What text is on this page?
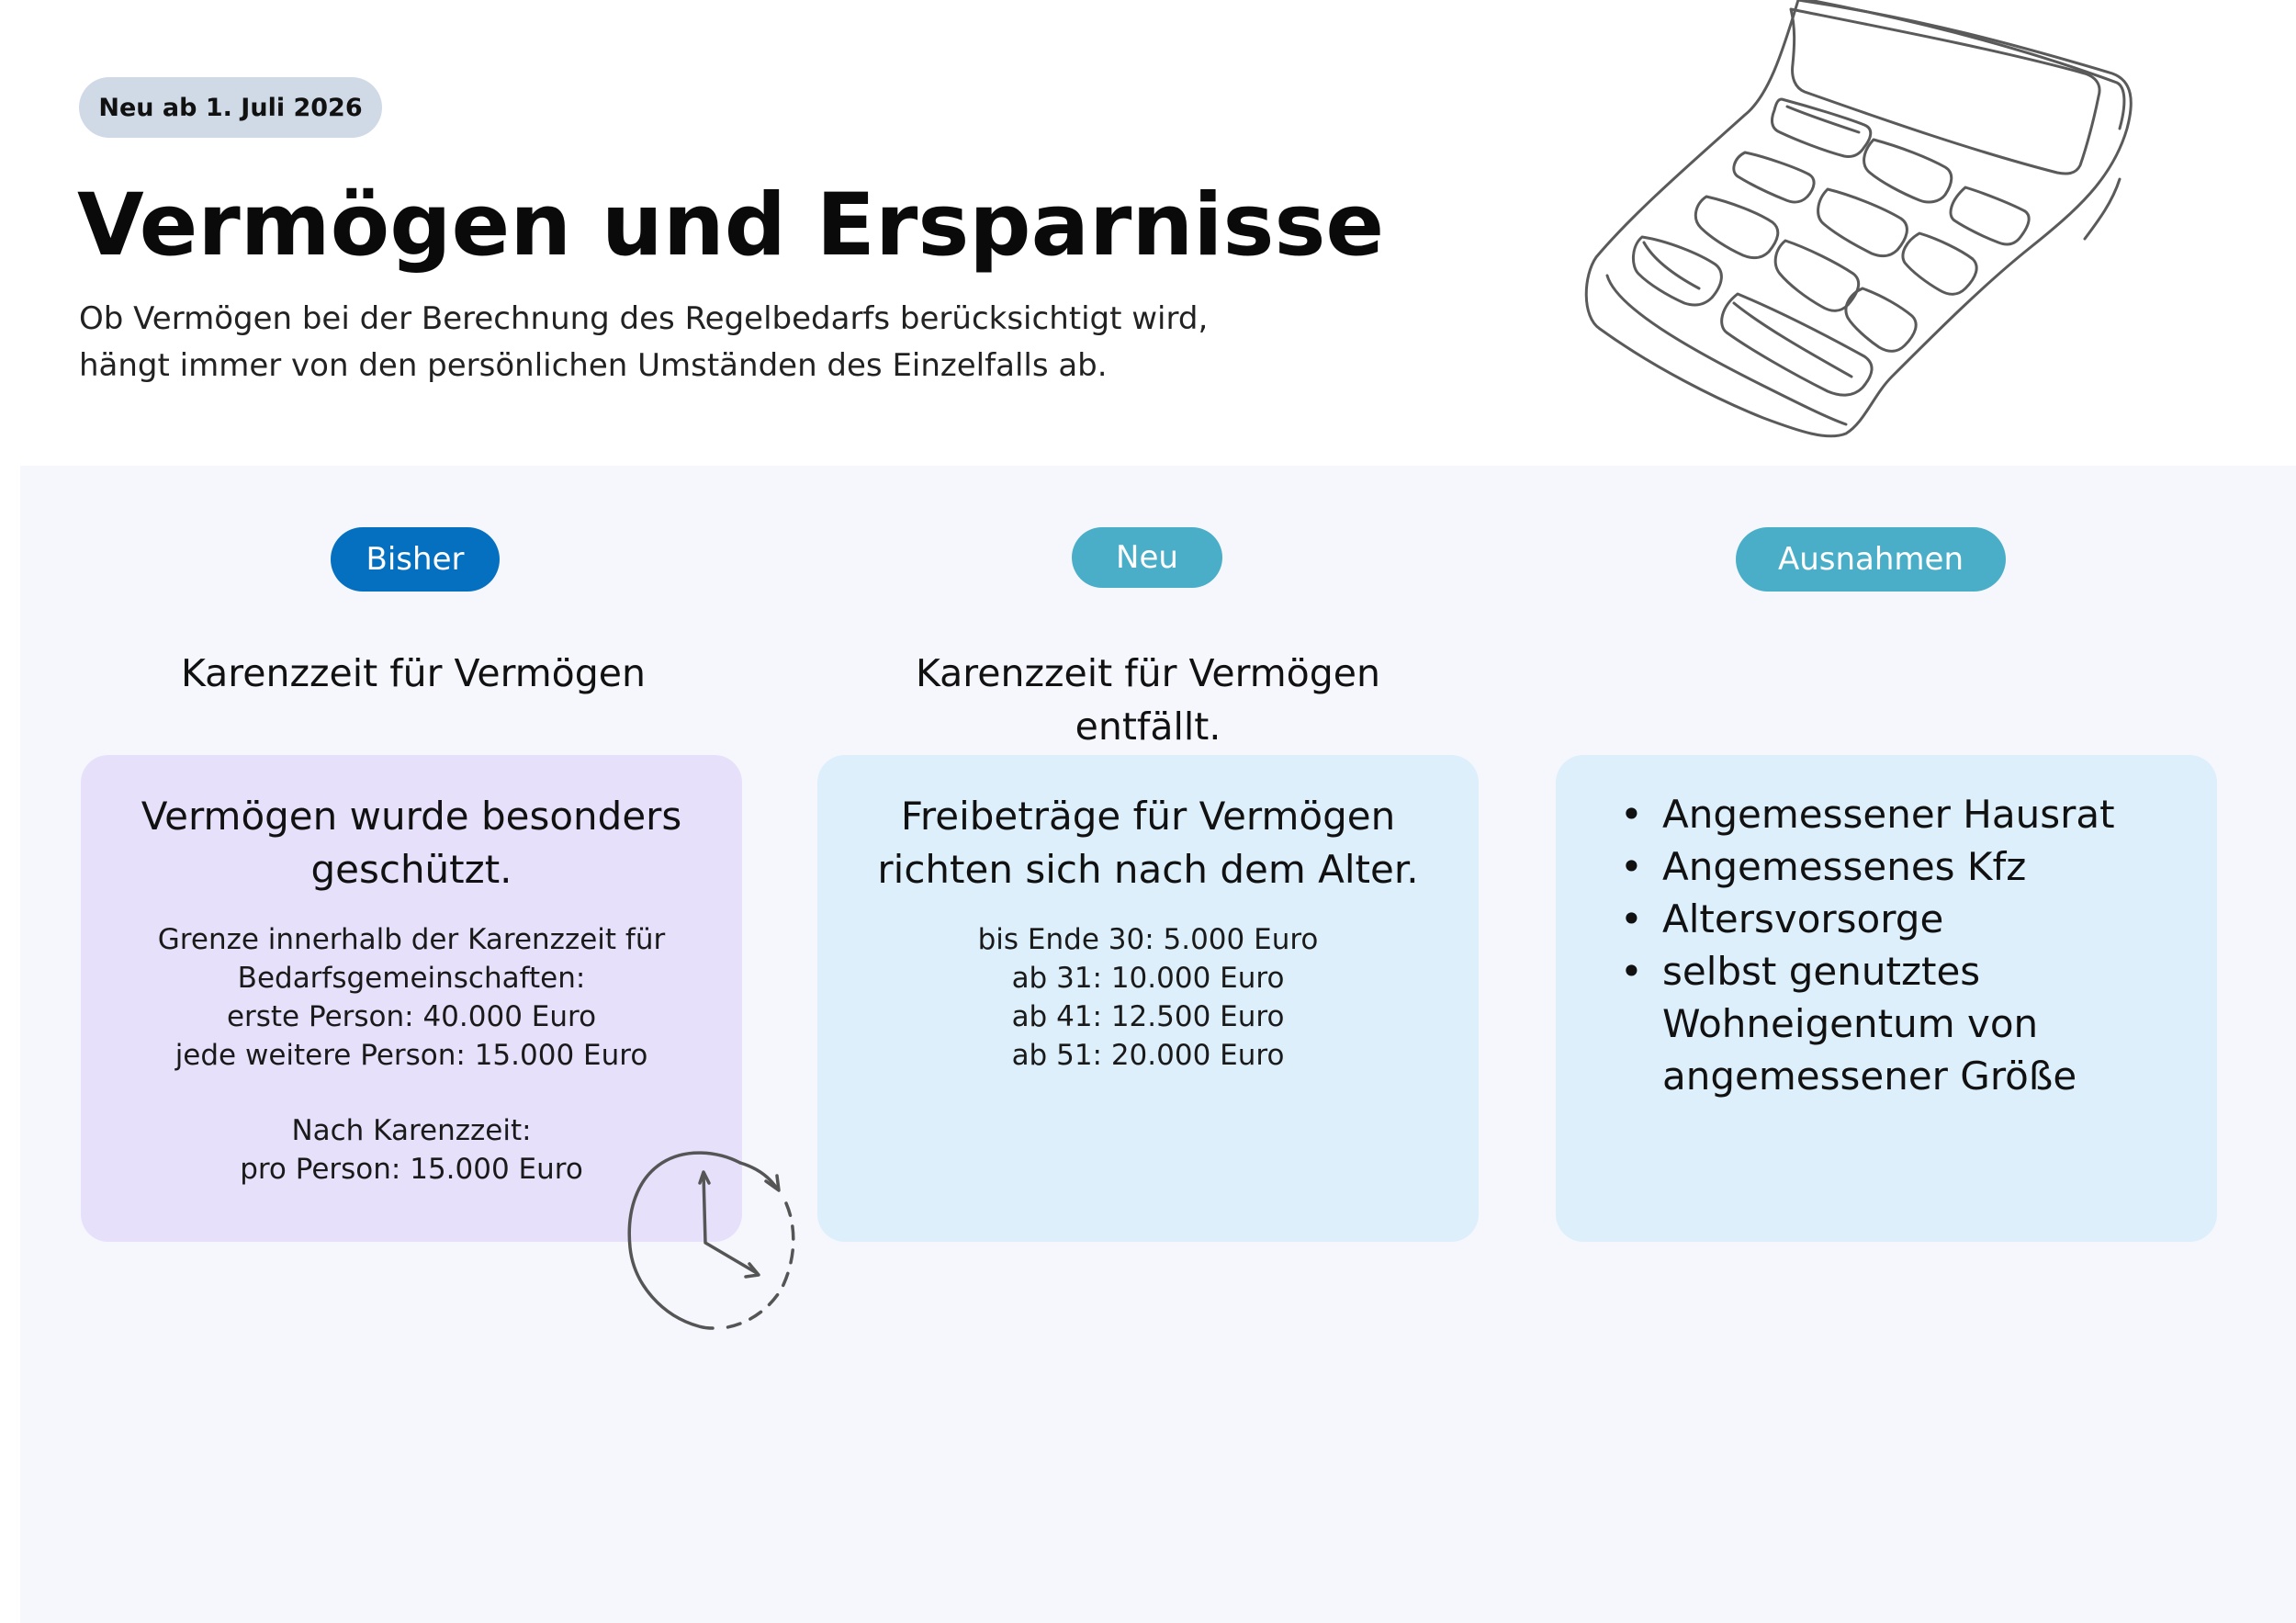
Neu ab 1. Juli 2026
Vermögen und Ersparnisse

Ob Vermögen bei der Berechnung des Regelbedarfs berücksichtigt wird,
hängt immer von den persönlichen Umständen des Einzelfalls ab.

Bisher
Karenzzeit für Vermögen
Vermögen wurde besonders geschützt.
Grenze innerhalb der Karenzzeit für
Bedarfsgemeinschaften:
erste Person: 40.000 Euro
jede weitere Person: 15.000 Euro
Nach Karenzzeit:
pro Person: 15.000 Euro
Neu
Karenzzeit für Vermögen entfällt.
Freibeträge für Vermögen richten sich nach dem Alter.
bis Ende 30: 5.000 Euro
ab 31: 10.000 Euro
ab 41: 12.500 Euro
ab 51: 20.000 Euro
Ausnahmen
• Angemessener Hausrat
• Angemessenes Kfz
• Altersvorsorge
• selbst genutztes Wohneigentum von angemessener Größe
